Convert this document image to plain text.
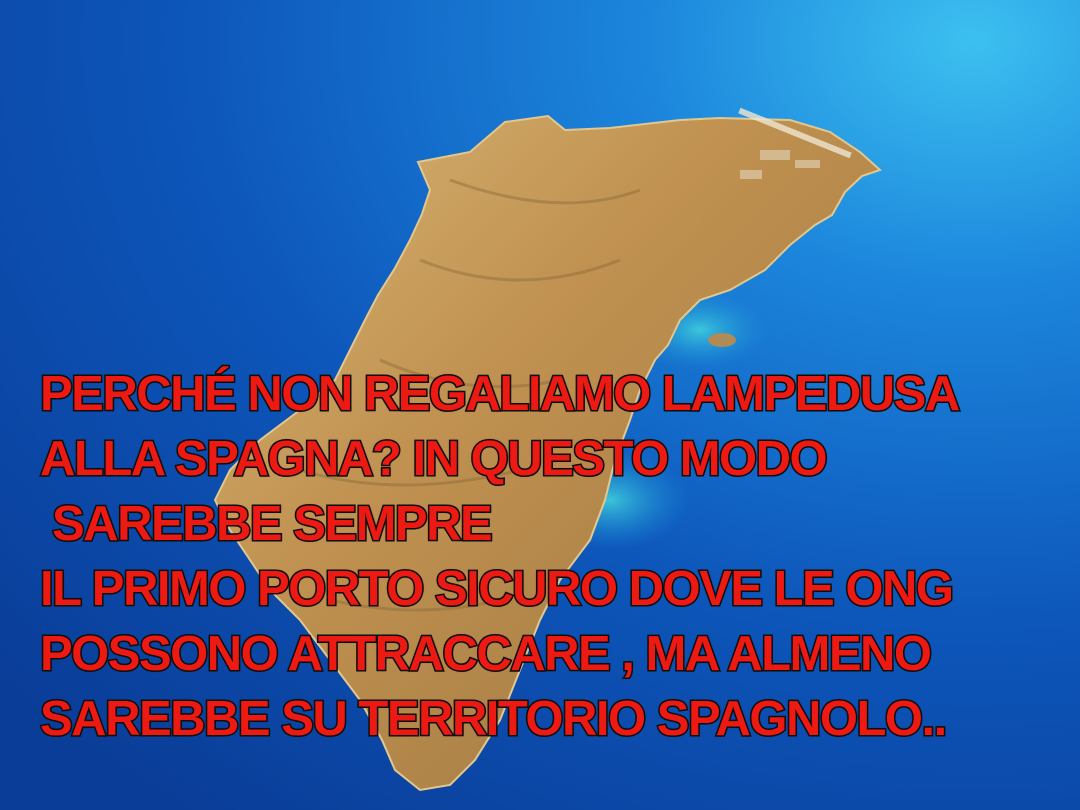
PERCHÉ NON REGALIAMO LAMPEDUSA
ALLA SPAGNA? IN QUESTO MODO
SAREBBE SEMPRE
IL PRIMO PORTO SICURO DOVE LE ONG
POSSONO ATTRACCARE , MA ALMENO
SAREBBE SU TERRITORIO SPAGNOLO..
